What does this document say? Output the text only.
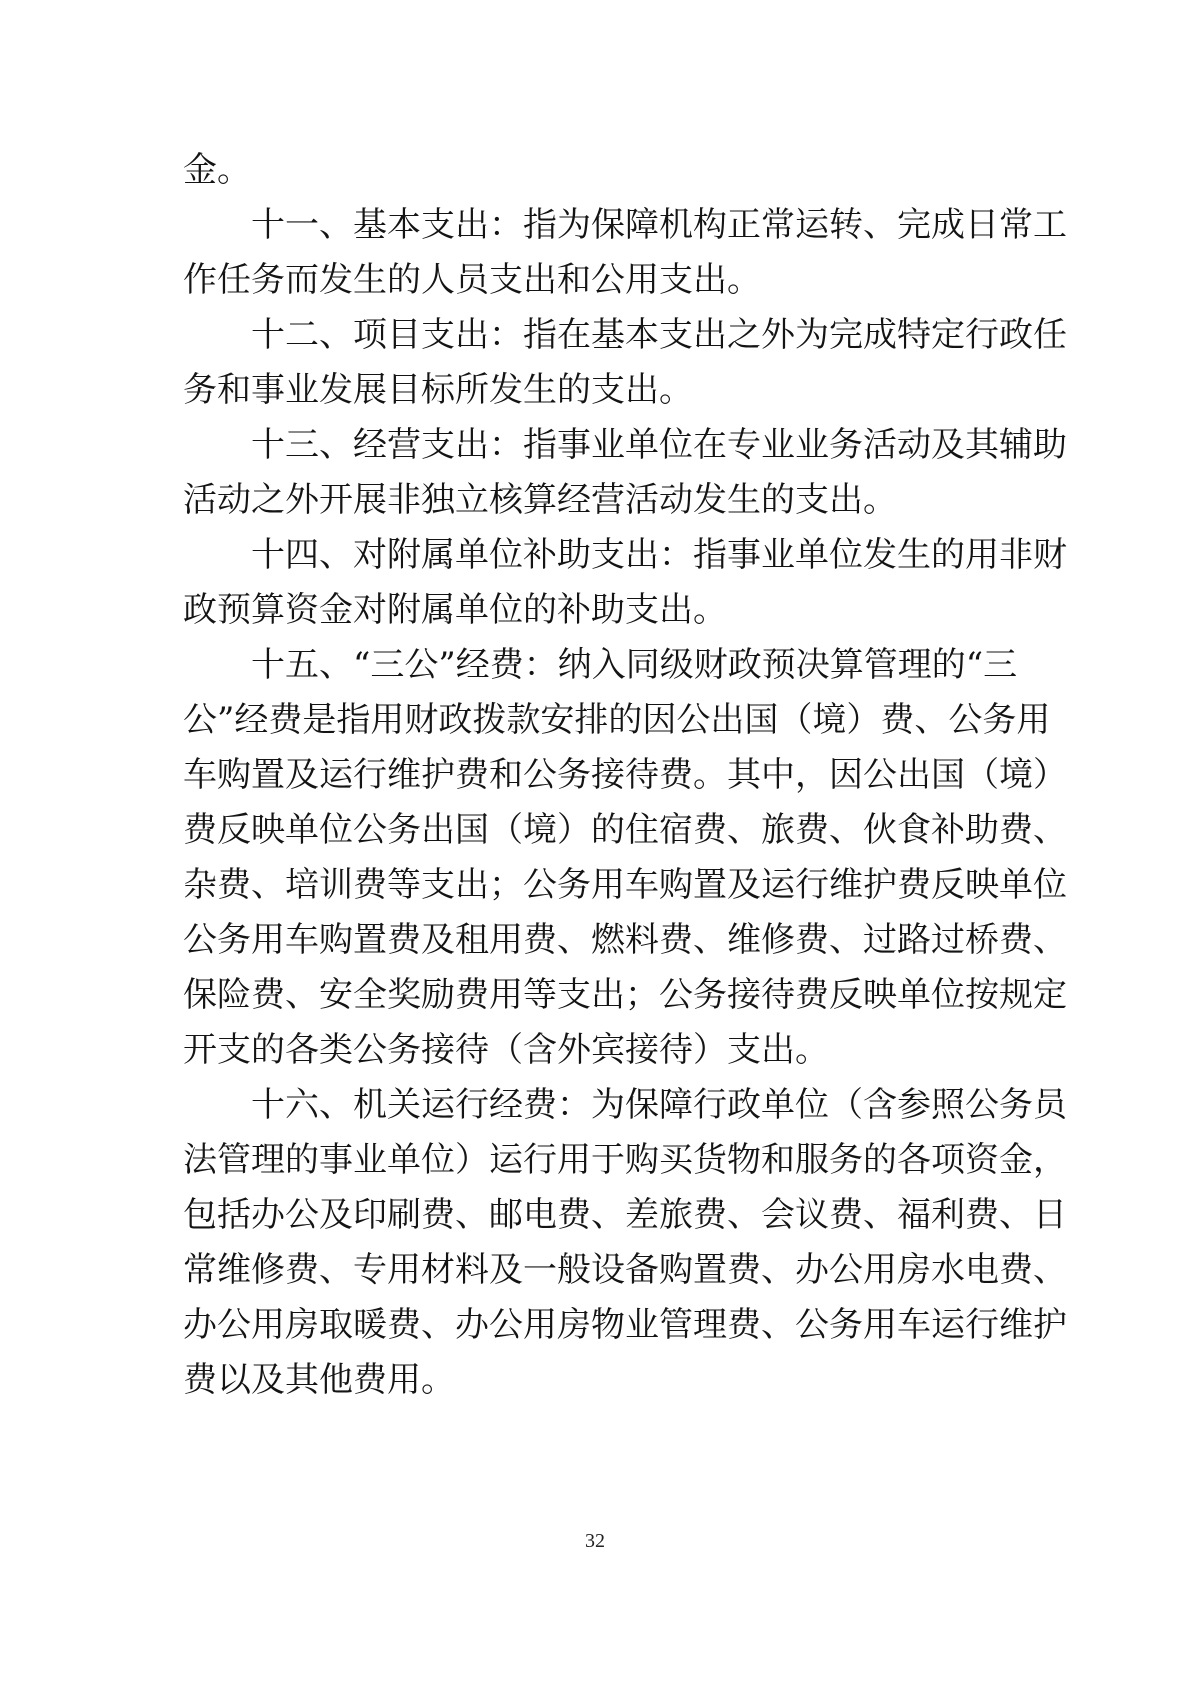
金。
十一、基本支出：指为保障机构正常运转、完成日常工
作任务而发生的人员支出和公用支出。
十二、项目支出：指在基本支出之外为完成特定行政任
务和事业发展目标所发生的支出。
十三、经营支出：指事业单位在专业业务活动及其辅助
活动之外开展非独立核算经营活动发生的支出。
十四、对附属单位补助支出：指事业单位发生的用非财
政预算资金对附属单位的补助支出。
十五、“三公”经费：纳入同级财政预决算管理的“三
公”经费是指用财政拨款安排的因公出国（境）费、公务用
车购置及运行维护费和公务接待费。其中，因公出国（境）
费反映单位公务出国（境）的住宿费、旅费、伙食补助费、
杂费、培训费等支出；公务用车购置及运行维护费反映单位
公务用车购置费及租用费、燃料费、维修费、过路过桥费、
保险费、安全奖励费用等支出；公务接待费反映单位按规定
开支的各类公务接待（含外宾接待）支出。
十六、机关运行经费：为保障行政单位（含参照公务员
法管理的事业单位）运行用于购买货物和服务的各项资金，
包括办公及印刷费、邮电费、差旅费、会议费、福利费、日
常维修费、专用材料及一般设备购置费、办公用房水电费、
办公用房取暖费、办公用房物业管理费、公务用车运行维护
费以及其他费用。
32
